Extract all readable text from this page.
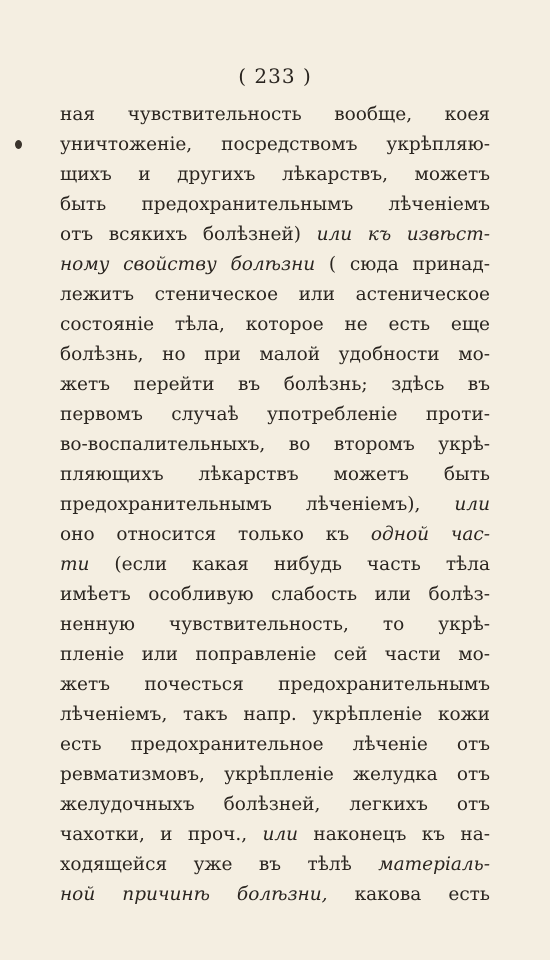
( 233 )
ная чувствительность вообще, коея
уничтоженіе, посредствомъ укрѣпляю-
щихъ и другихъ лѣкарствъ, можетъ
быть предохранительнымъ лѣченіемъ
отъ всякихъ болѣзней) или къ извѣст-
ному свойству болѣзни ( сюда принад-
лежитъ стеническое или астеническое
состояніе тѣла, которое не есть еще
болѣзнь, но при малой удобности мо-
жетъ перейти въ болѣзнь; здѣсь въ
первомъ случаѣ употребленіе проти-
во-воспалительныхъ, во второмъ укрѣ-
пляющихъ лѣкарствъ можетъ быть
предохранительнымъ лѣченіемъ), или
оно относится только къ одной час-
ти (если какая нибудь часть тѣла
имѣетъ особливую слабость или болѣз-
ненную чувствительность, то укрѣ-
пленіе или поправленіе сей части мо-
жетъ почесться предохранительнымъ
лѣченіемъ, такъ напр. укрѣпленіе кожи
есть предохранительное лѣченіе отъ
ревматизмовъ, укрѣпленіе желудка отъ
желудочныхъ болѣзней, легкихъ отъ
чахотки, и проч., или наконецъ къ на-
ходящейся уже въ тѣлѣ матеріаль-
ной причинѣ болѣзни, какова есть
